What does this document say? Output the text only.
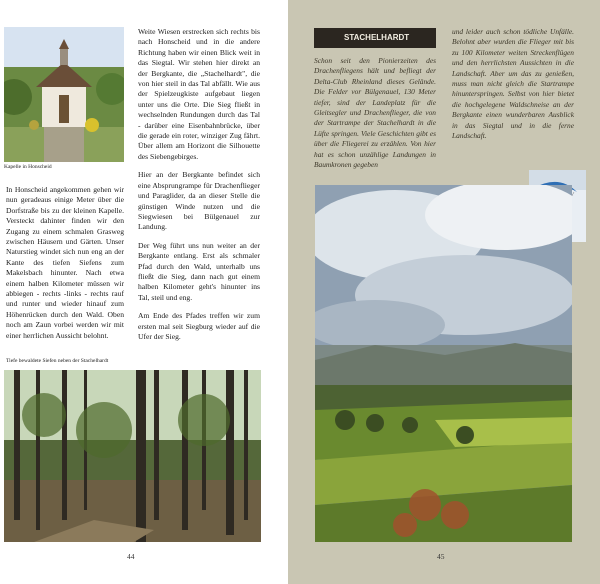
Kapelle in Honscheid

In Honscheid angekommen gehen wir nun geradeaus einige Meter über die Dorfstraße bis zu der kleinen Kapelle. Versteckt dahinter finden wir den Zugang zu einem schmalen Grasweg zwischen Häusern und Gärten. Unser Naturstieg windet sich nun eng an der Kante des tiefen Siefens zum Makelsbach hinunter. Nach etwa einem halben Kilometer müssen wir abbiegen - rechts -links - rechts rauf und runter und wieder hinauf zum Höhenrücken durch den Wald. Oben noch am Zaun vorbei werden wir mit einer herrlichen Aussicht belohnt.

Tiefe bewaldete Siefen neben der Stachelhardt

Weite Wiesen erstrecken sich rechts bis nach Honscheid und in die andere Richtung haben wir einen Blick weit in das Siegtal. Wir stehen hier direkt an der Bergkante, die „Stachelhardt", die von hier steil in das Tal abfällt. Wie aus der Spielzeugkiste aufgebaut liegen unter uns die Orte. Die Sieg fließt in wechselnden Rundungen durch das Tal - darüber eine Eisenbahnbrücke, über die gerade ein roter, winziger Zug fährt. Über allem am Horizont die Silhouette des Siebengebirges.

Hier an der Bergkante befindet sich eine Absprungrampe für Drachenflieger und Paraglider, da an dieser Stelle die günstigen Winde nutzen und die Siegwiesen bei Bülgenauel zur Landung.

Der Weg führt uns nun weiter an der Bergkante entlang. Erst als schmaler Pfad durch den Wald, unterhalb uns fließt die Sieg, dann nach gut einem halben Kilometer geht's hinunter ins Tal, steil und eng.

Am Ende des Pfades treffen wir zum ersten mal seit Siegburg wieder auf die Ufer der Sieg.

44
STACHELHARDT
Schon seit den Pionierzeiten des Drachenfliegens hält und befliegt der Delta-Club Rheinland dieses Gelände. Die Felder vor Bülgenauel, 130 Meter tiefer, sind der Landeplatz für die Gleitsegler und Drachenflieger, die von der Startrampe der Stachelhardt in die Lüfte springen. Viele Geschichten gibt es über die Fliegerei zu erzählen. Von hier hat es schon unzählige Landungen in Baumkronen gegeben
und leider auch schon tödliche Unfälle. Belohnt aber wurden die Flieger mit bis zu 100 Kilometer weiten Streckenflügen und den herrlichsten Aussichten in die Landschaft. Aber um das zu genießen, muss man nicht gleich die Startrampe hinunterspringen. Selbst von hier bietet die hochgelegene Waldschneise an der Bergkante einen wunderbaren Ausblick in das Siegtal und in die ferne Landschaft.
45
